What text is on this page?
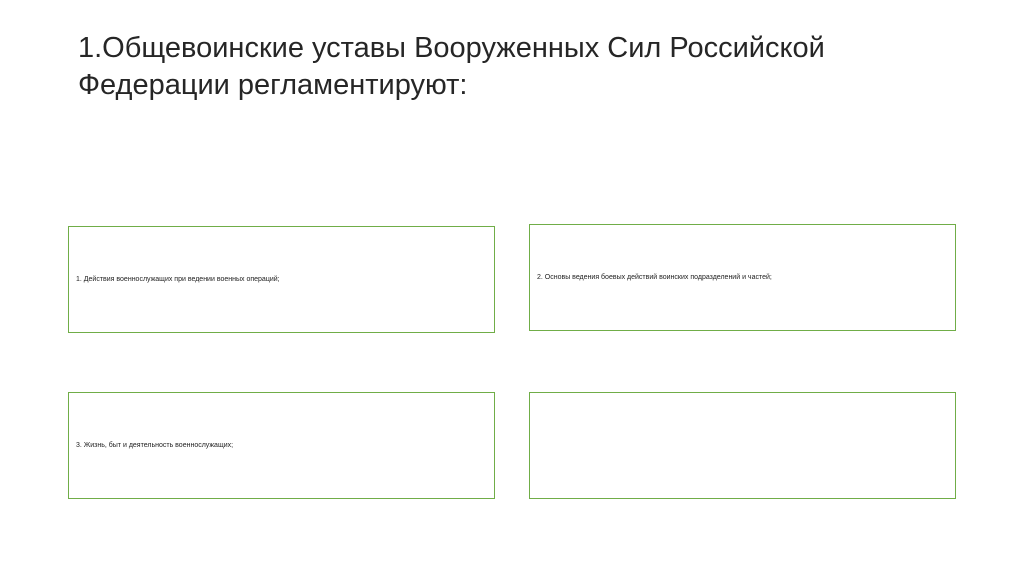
1.Общевоинские уставы Вооруженных Сил Российской Федерации регламентируют:
1. Действия военнослужащих при ведении военных операций;	2. Основы ведения боевых действий воинских подразделений и частей;
3. Жизнь, быт и деятельность военнослужащих;
